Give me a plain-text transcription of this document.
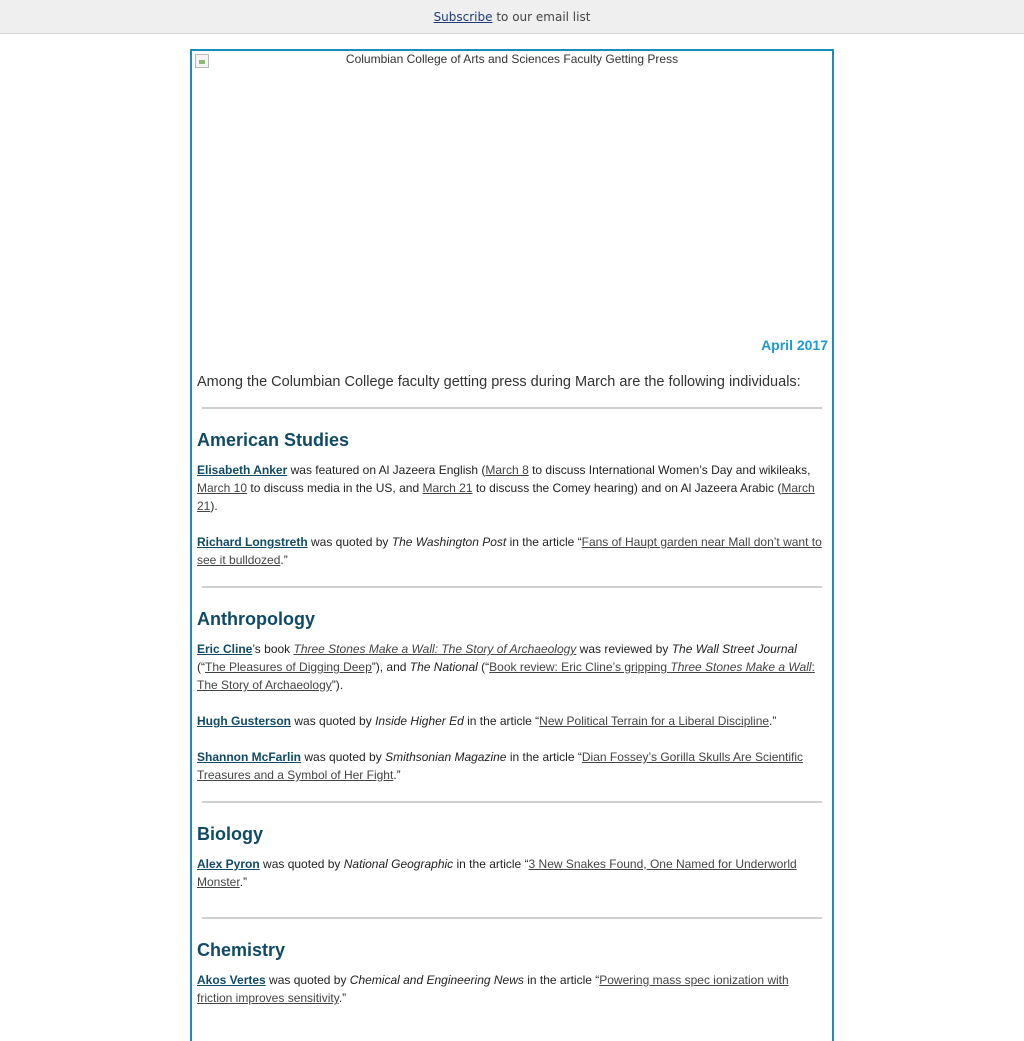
Subscribe to our email list
Columbian College of Arts and Sciences Faculty Getting Press
April 2017

Among the Columbian College faculty getting press during March are the following individuals:

American Studies

Elisabeth Anker was featured on Al Jazeera English (March 8 to discuss International Women’s Day and wikileaks, March 10 to discuss media in the US, and March 21 to discuss the Comey hearing) and on Al Jazeera Arabic (March 21).

Richard Longstreth was quoted by The Washington Post in the article “Fans of Haupt garden near Mall don’t want to see it bulldozed.”

Anthropology

Eric Cline’s book Three Stones Make a Wall: The Story of Archaeology was reviewed by The Wall Street Journal (“The Pleasures of Digging Deep”), and The National (“Book review: Eric Cline’s gripping Three Stones Make a Wall: The Story of Archaeology”).

Hugh Gusterson was quoted by Inside Higher Ed in the article “New Political Terrain for a Liberal Discipline.”

Shannon McFarlin was quoted by Smithsonian Magazine in the article “Dian Fossey’s Gorilla Skulls Are Scientific Treasures and a Symbol of Her Fight.”

Biology

Alex Pyron was quoted by National Geographic in the article “3 New Snakes Found, One Named for Underworld Monster.”

Chemistry

Akos Vertes was quoted by Chemical and Engineering News in the article “Powering mass spec ionization with friction improves sensitivity.”
